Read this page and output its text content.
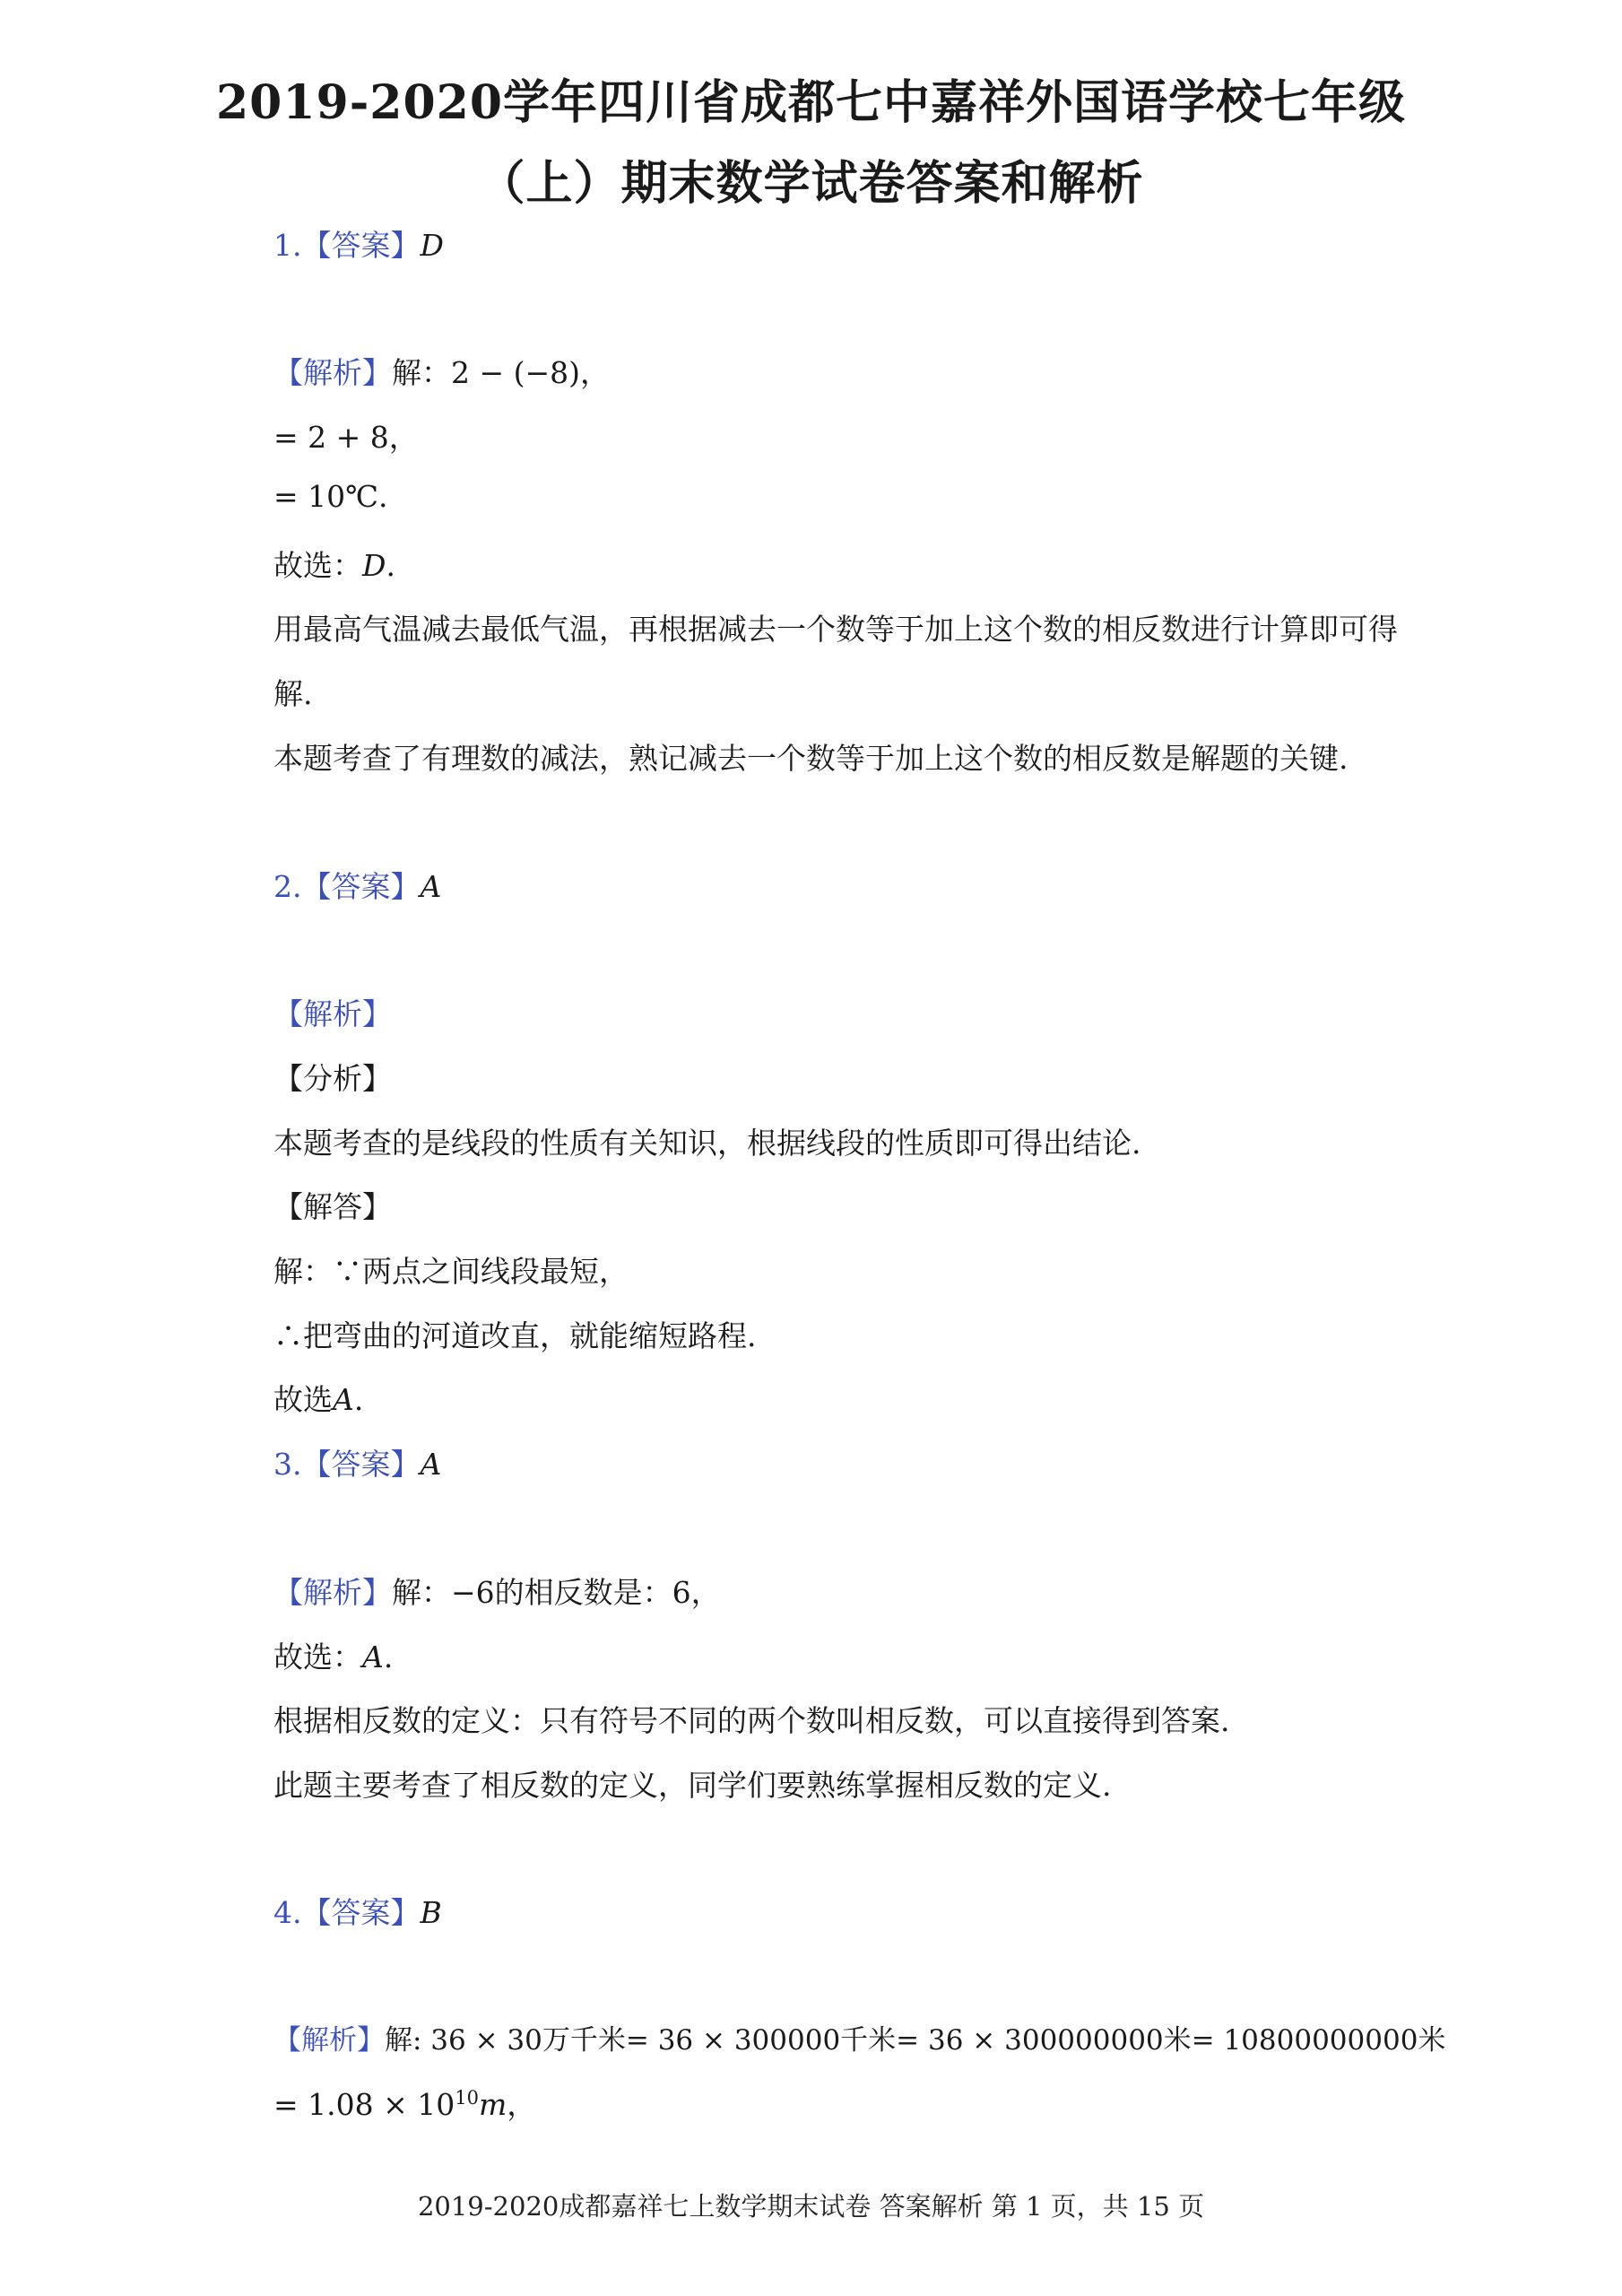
2019-2020学年四川省成都七中嘉祥外国语学校七年级
（上）期末数学试卷答案和解析
1.【答案】D
【解析】解：2 − (−8)，
= 2 + 8，
= 10℃.
故选：D.
用最高气温减去最低气温，再根据减去一个数等于加上这个数的相反数进行计算即可得
解.
本题考查了有理数的减法，熟记减去一个数等于加上这个数的相反数是解题的关键.
2.【答案】A
【解析】
【分析】
本题考查的是线段的性质有关知识，根据线段的性质即可得出结论.
【解答】
解：∵两点之间线段最短，
∴把弯曲的河道改直，就能缩短路程.
故选A.
3.【答案】A
【解析】解：−6的相反数是：6，
故选：A.
根据相反数的定义：只有符号不同的两个数叫相反数，可以直接得到答案.
此题主要考查了相反数的定义，同学们要熟练掌握相反数的定义.
4.【答案】B
【解析】解: 36 × 30万千米= 36 × 300000千米= 36 × 300000000米= 10800000000米
= $1.08 \times 10^{10}m$，
2019-2020成都嘉祥七上数学期末试卷 答案解析 第 1 页，共 15 页
